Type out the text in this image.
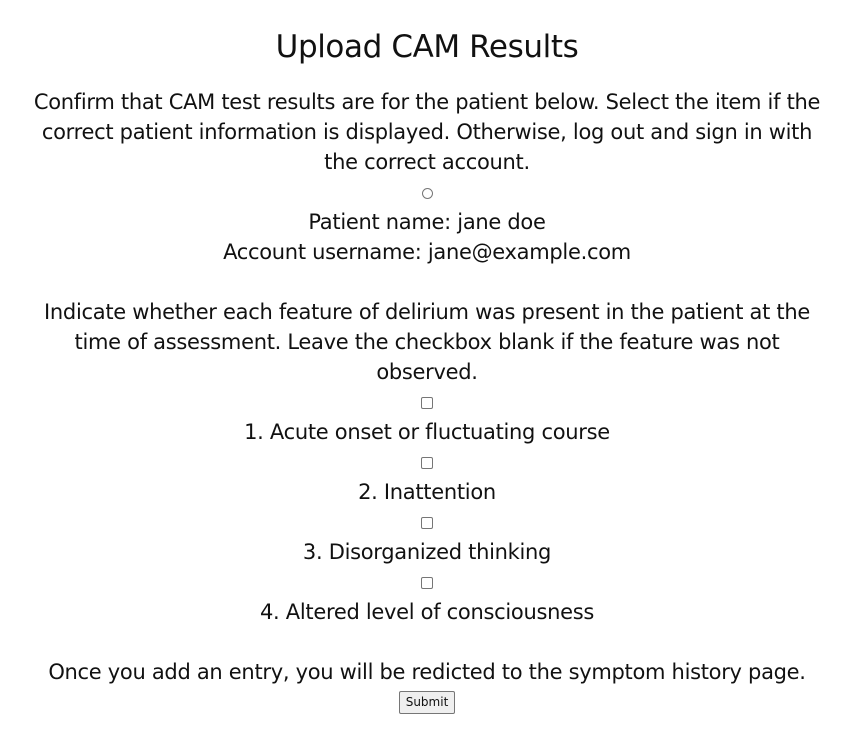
Upload CAM Results
Confirm that CAM test results are for the patient below. Select the item if the
correct patient information is displayed. Otherwise, log out and sign in with
the correct account.
Patient name: jane doe
Account username: jane@example.com
Indicate whether each feature of delirium was present in the patient at the
time of assessment. Leave the checkbox blank if the feature was not
observed.
1. Acute onset or fluctuating course
2. Inattention
3. Disorganized thinking
4. Altered level of consciousness
Once you add an entry, you will be redicted to the symptom history page.
Submit
